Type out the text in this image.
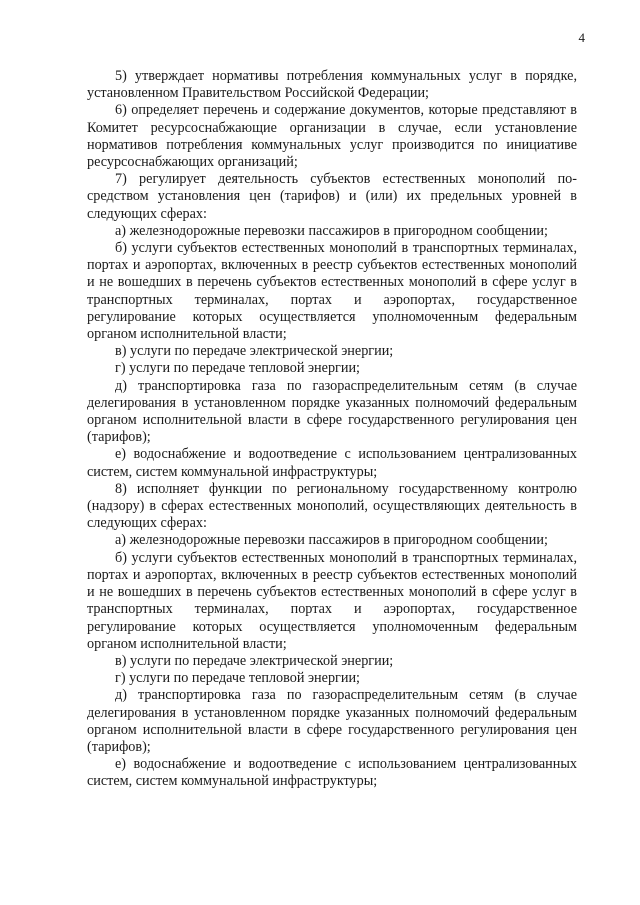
4

5) утверждает нормативы потребления коммунальных услуг в порядке, установленном Правительством Российской Федерации;

6) определяет перечень и содержание документов, которые представляют в Комитет ресурсоснабжающие организации в случае, если установление нормативов потребления коммунальных услуг производится по инициативе ресурсоснабжающих организаций;

7) регулирует деятельность субъектов естественных монополий посредством установления цен (тарифов) и (или) их предельных уровней в следующих сферах:

а) железнодорожные перевозки пассажиров в пригородном сообщении;

б) услуги субъектов естественных монополий в транспортных терминалах, портах и аэропортах, включенных в реестр субъектов естественных монополий и не вошедших в перечень субъектов естественных монополий в сфере услуг в транспортных терминалах, портах и аэропортах, государственное регулирование которых осуществляется уполномоченным федеральным органом исполнительной власти;

в) услуги по передаче электрической энергии;

г) услуги по передаче тепловой энергии;

д) транспортировка газа по газораспределительным сетям (в случае делегирования в установленном порядке указанных полномочий федеральным органом исполнительной власти в сфере государственного регулирования цен (тарифов);

е) водоснабжение и водоотведение с использованием централизованных систем, систем коммунальной инфраструктуры;

8) исполняет функции по региональному государственному контролю (надзору) в сферах естественных монополий, осуществляющих деятельность в следующих сферах:

а) железнодорожные перевозки пассажиров в пригородном сообщении;

б) услуги субъектов естественных монополий в транспортных терминалах, портах и аэропортах, включенных в реестр субъектов естественных монополий и не вошедших в перечень субъектов естественных монополий в сфере услуг в транспортных терминалах, портах и аэропортах, государственное регулирование которых осуществляется уполномоченным федеральным органом исполнительной власти;

в) услуги по передаче электрической энергии;

г) услуги по передаче тепловой энергии;

д) транспортировка газа по газораспределительным сетям (в случае делегирования в установленном порядке указанных полномочий федеральным органом исполнительной власти в сфере государственного регулирования цен (тарифов);

е) водоснабжение и водоотведение с использованием централизованных систем, систем коммунальной инфраструктуры;
